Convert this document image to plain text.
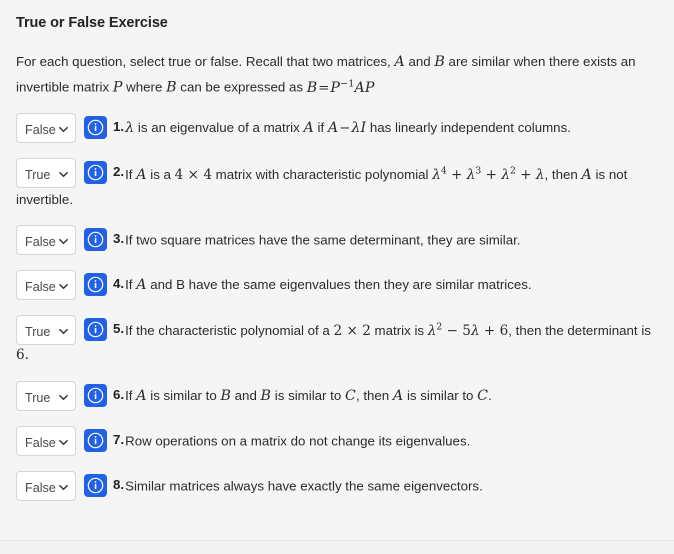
True or False Exercise
For each question, select true or false. Recall that two matrices, A and B are similar when there exists an invertible matrix P where B can be expressed as $B=P^{-1}AP$
False	1.λ is an eigenvalue of a matrix A if A−λI has linearly independent columns.
True	2.If A is a 4 × 4 matrix with characteristic polynomial $\lambda^4 + \lambda^3 + \lambda^2 + \lambda$, then A is not invertible.
False	3.If two square matrices have the same determinant, they are similar.
False	4.If A and B have the same eigenvalues then they are similar matrices.
True	5.If the characteristic polynomial of a 2 × 2 matrix is $\lambda^2 - 5\lambda + 6$, then the determinant is
6.
True	6.If A is similar to B and B is similar to C, then A is similar to C.
False	7.Row operations on a matrix do not change its eigenvalues.
False	8.Similar matrices always have exactly the same eigenvectors.
